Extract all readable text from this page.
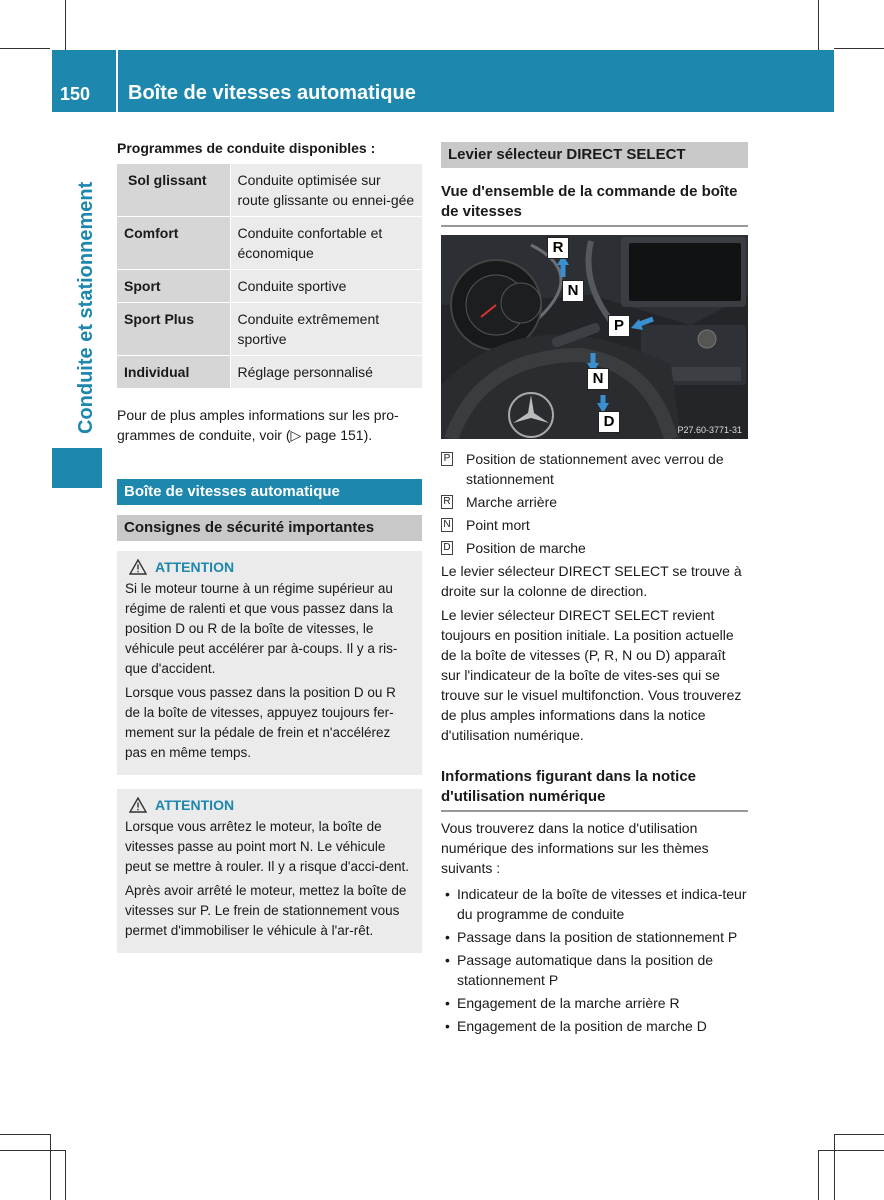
150 Boîte de vitesses automatique
Conduite et stationnement
Programmes de conduite disponibles :
Sol glissant	Conduite optimisée sur route glissante ou ennei-gée
Comfort	Conduite confortable et économique
Sport	Conduite sportive
Sport Plus	Conduite extrêmement sportive
Individual	Réglage personnalisé

Pour de plus amples informations sur les pro-grammes de conduite, voir (▷ page 151).

Boîte de vitesses automatique
Consignes de sécurité importantes
ATTENTION

Si le moteur tourne à un régime supérieur au régime de ralenti et que vous passez dans la position D ou R de la boîte de vitesses, le véhicule peut accélérer par à-coups. Il y a ris-que d'accident.

Lorsque vous passez dans la position D ou R de la boîte de vitesses, appuyez toujours fer-mement sur la pédale de frein et n'accélérez pas en même temps.

ATTENTION

Lorsque vous arrêtez le moteur, la boîte de vitesses passe au point mort N. Le véhicule peut se mettre à rouler. Il y a risque d'acci-dent.

Après avoir arrêté le moteur, mettez la boîte de vitesses sur P. Le frein de stationnement vous permet d'immobiliser le véhicule à l'ar-rêt.

Levier sélecteur DIRECT SELECT
Vue d'ensemble de la commande de boîte de vitesses
R
N
P
N
D	P27.60-3771-31
P Position de stationnement avec verrou de stationnement
R Marche arrière
N Point mort
D Position de marche

Le levier sélecteur DIRECT SELECT se trouve à droite sur la colonne de direction.

Le levier sélecteur DIRECT SELECT revient toujours en position initiale. La position actuelle de la boîte de vitesses (P, R, N ou D) apparaît sur l'indicateur de la boîte de vites-ses qui se trouve sur le visuel multifonction. Vous trouverez de plus amples informations dans la notice d'utilisation numérique.

Informations figurant dans la notice d'utilisation numérique

Vous trouverez dans la notice d'utilisation numérique des informations sur les thèmes suivants :

• Indicateur de la boîte de vitesses et indica-teur du programme de conduite
• Passage dans la position de stationnement P
• Passage automatique dans la position de stationnement P
• Engagement de la marche arrière R
• Engagement de la position de marche D
